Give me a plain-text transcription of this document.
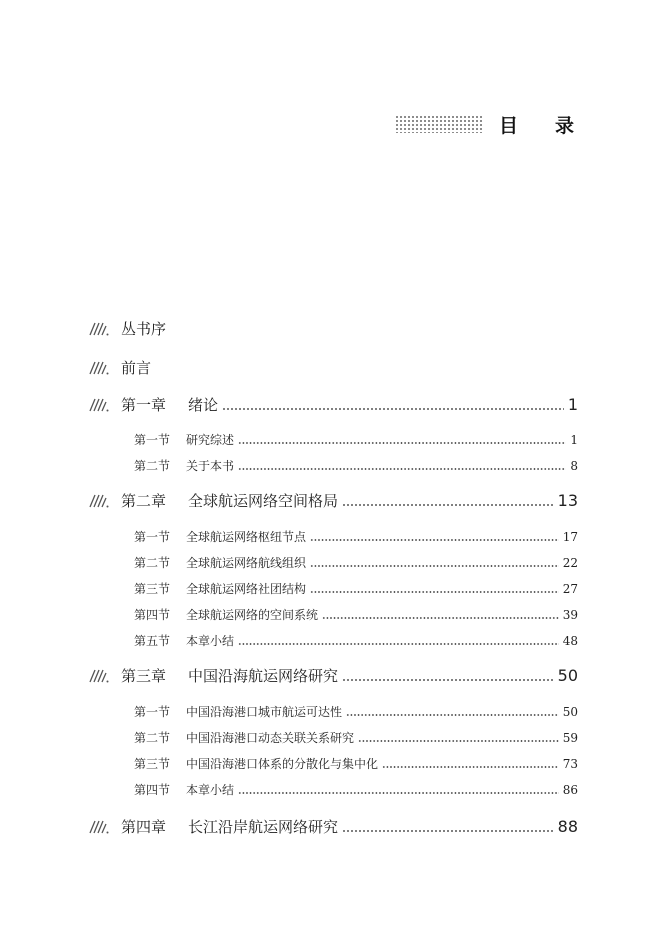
目录
丛书序
前言
第一章 绪论	1
第一节 研究综述	1
第二节 关于本书	8
第二章 全球航运网络空间格局	13
第一节 全球航运网络枢纽节点	17
第二节 全球航运网络航线组织	22
第三节 全球航运网络社团结构	27
第四节 全球航运网络的空间系统	39
第五节 本章小结	48
第三章 中国沿海航运网络研究	50
第一节 中国沿海港口城市航运可达性	50
第二节 中国沿海港口动态关联关系研究	59
第三节 中国沿海港口体系的分散化与集中化	73
第四节 本章小结	86
第四章 长江沿岸航运网络研究	88
